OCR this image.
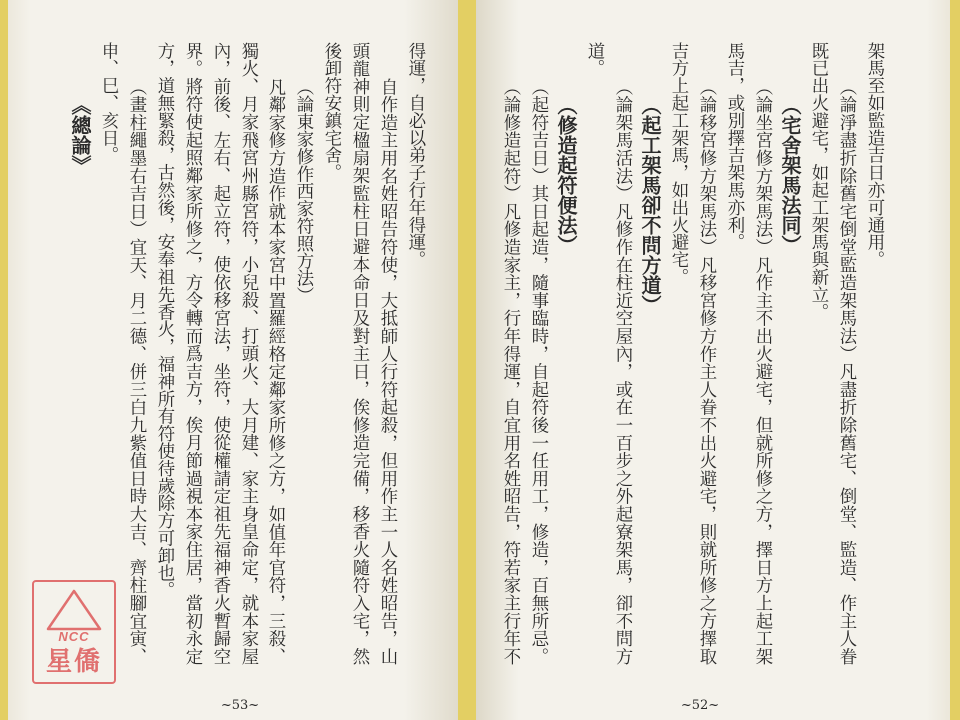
得運，自必以弟子行年得運。
自作造主用名姓昭告符使，大抵師人行符起殺，但用作主一人名姓昭告，山
頭龍神則定楹扇架監柱日避本命日及對主日，俟修造完備，移香火隨符入宅，然
後卸符安鎮宅舍。
（論東家修作西家符照方法）
凡鄰家修方造作就本家宮中置羅經格定鄰家所修之方，如值年官符，三殺、
獨火、月家飛宮州縣宮符，小兒殺、打頭火、大月建、家主身皇命定，就本家屋
內，前後、左右、起立符，使依移宮法，坐符，使從權請定祖先福神香火暫歸空
界。將符使起照鄰家所修之，方令轉而爲吉方，俟月節過視本家住居，當初永定
方，道無緊殺，古然後，安奉祖先香火，福神所有符使待歲除方可卸也。
（畫柱繩墨右吉日）宜天、月二德、併三白九紫值日時大吉、齊柱腳宜寅、
申、巳、亥日。
《總論》
NCC
星僑
~53~
架馬至如監造吉日亦可通用。
（論淨盡折除舊宅倒堂監造架馬法）凡盡折除舊宅、倒堂、監造、作主人眷
既已出火避宅，如起工架馬與新立。
（宅舍架馬法同）
（論坐宮修方架馬法）凡作主不出火避宅，但就所修之方，擇日方上起工架
馬吉，或別擇吉架馬亦利。
（論移宮修方架馬法）凡移宮修方作主人眷不出火避宅，則就所修之方擇取
吉方上起工架馬，如出火避宅。
（起工架馬卻不問方道）
（論架馬活法）凡修作在柱近空屋內，或在一百步之外起寮架馬，卻不問方
道。
（修造起符便法）
（起符吉日）其日起造，隨事臨時，自起符後一任用工，修造，百無所忌。
（論修造起符）凡修造家主，行年得運，自宜用名姓昭告，符若家主行年不
~52~
